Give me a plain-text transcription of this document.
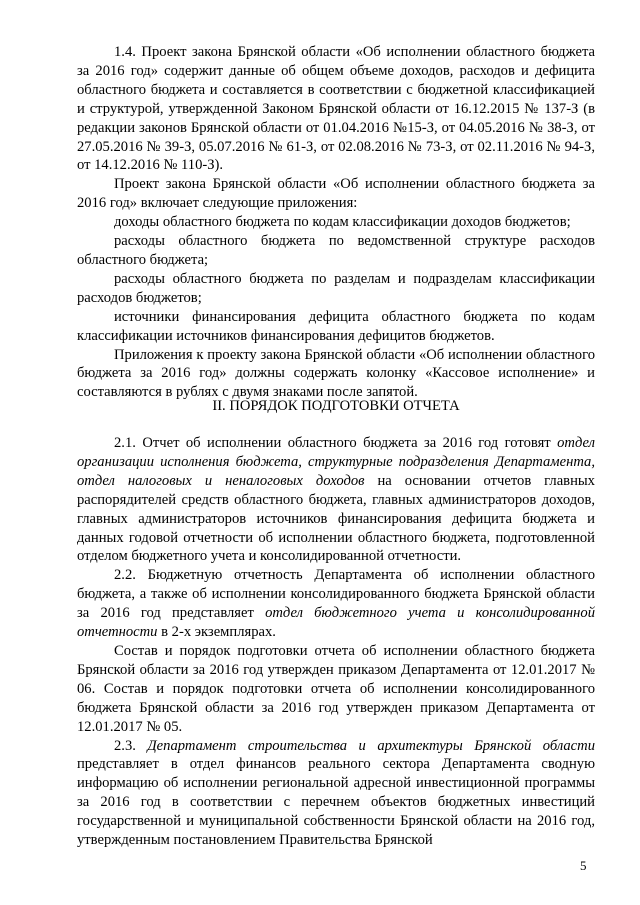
1.4. Проект закона Брянской области «Об исполнении областного бюджета за 2016 год» содержит данные об общем объеме доходов, расходов и дефицита областного бюджета и составляется в соответствии с бюджетной классификацией и структурой, утвержденной Законом Брянской области от 16.12.2015 № 137-З (в редакции законов Брянской области от 01.04.2016 №15-З, от 04.05.2016 № 38-З, от 27.05.2016 № 39-З, 05.07.2016 № 61-З, от 02.08.2016 № 73-З, от 02.11.2016 № 94-З, от 14.12.2016 № 110-З).

Проект закона Брянской области «Об исполнении областного бюджета за 2016 год» включает следующие приложения:

доходы областного бюджета по кодам классификации доходов бюджетов;

расходы областного бюджета по ведомственной структуре расходов областного бюджета;

расходы областного бюджета по разделам и подразделам классификации расходов бюджетов;

источники финансирования дефицита областного бюджета по кодам классификации источников финансирования дефицитов бюджетов.

Приложения к проекту закона Брянской области «Об исполнении областного бюджета за 2016 год» должны содержать колонку «Кассовое исполнение» и составляются в рублях с двумя знаками после запятой.

II. ПОРЯДОК ПОДГОТОВКИ ОТЧЕТА

2.1. Отчет об исполнении областного бюджета за 2016 год готовят отдел организации исполнения бюджета, структурные подразделения Департамента, отдел налоговых и неналоговых доходов на основании отчетов главных распорядителей средств областного бюджета, главных администраторов доходов, главных администраторов источников финансирования дефицита бюджета и данных годовой отчетности об исполнении областного бюджета, подготовленной отделом бюджетного учета и консолидированной отчетности.

2.2. Бюджетную отчетность Департамента об исполнении областного бюджета, а также об исполнении консолидированного бюджета Брянской области за 2016 год представляет отдел бюджетного учета и консолидированной отчетности в 2-х экземплярах.

Состав и порядок подготовки отчета об исполнении областного бюджета Брянской области за 2016 год утвержден приказом Департамента от 12.01.2017 № 06. Состав и порядок подготовки отчета об исполнении консолидированного бюджета Брянской области за 2016 год утвержден приказом Департамента от 12.01.2017 № 05.

2.3. Департамент строительства и архитектуры Брянской области представляет в отдел финансов реального сектора Департамента сводную информацию об исполнении региональной адресной инвестиционной программы за 2016 год в соответствии с перечнем объектов бюджетных инвестиций государственной и муниципальной собственности Брянской области на 2016 год, утвержденным постановлением Правительства Брянской

5
